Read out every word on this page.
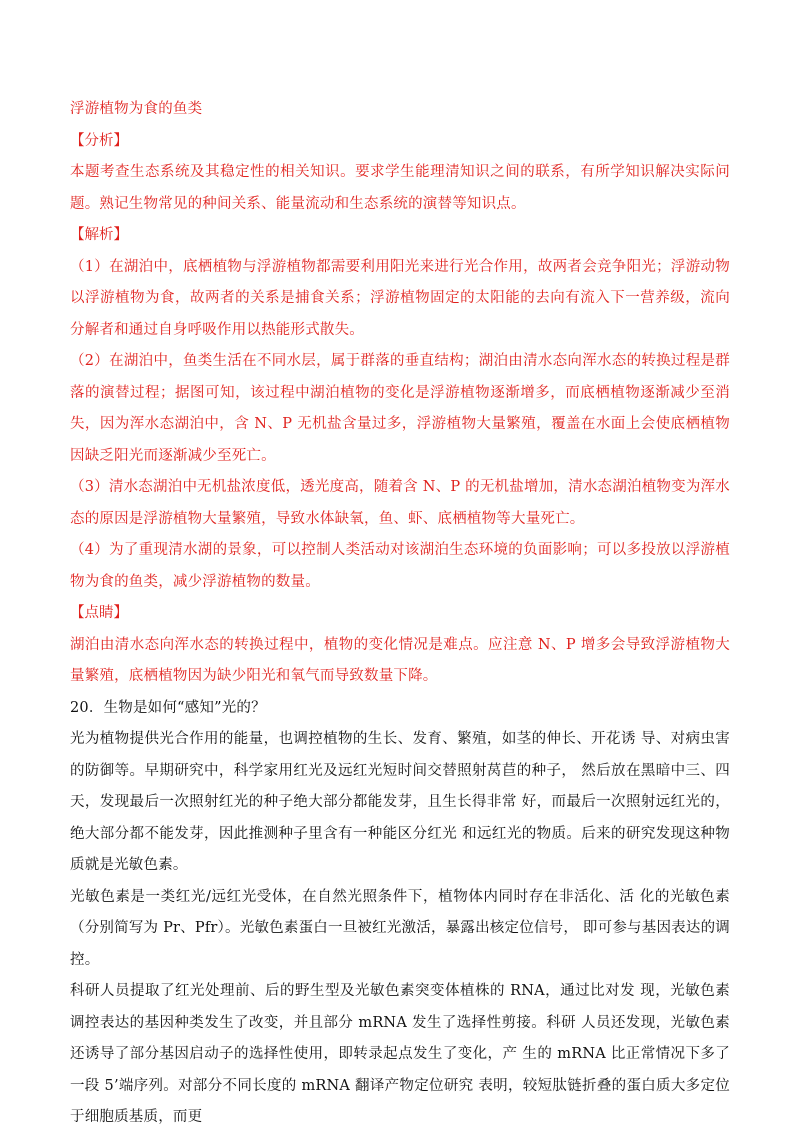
浮游植物为食的鱼类

【分析】

本题考查生态系统及其稳定性的相关知识。要求学生能理清知识之间的联系，有所学知识解决实际问题。熟记生物常见的种间关系、能量流动和生态系统的演替等知识点。

【解析】

（1）在湖泊中，底栖植物与浮游植物都需要利用阳光来进行光合作用，故两者会竞争阳光；浮游动物以浮游植物为食，故两者的关系是捕食关系；浮游植物固定的太阳能的去向有流入下一营养级，流向分解者和通过自身呼吸作用以热能形式散失。

（2）在湖泊中，鱼类生活在不同水层，属于群落的垂直结构；湖泊由清水态向浑水态的转换过程是群落的演替过程；据图可知，该过程中湖泊植物的变化是浮游植物逐渐增多，而底栖植物逐渐减少至消失，因为浑水态湖泊中，含 N、P 无机盐含量过多，浮游植物大量繁殖，覆盖在水面上会使底栖植物因缺乏阳光而逐渐减少至死亡。

（3）清水态湖泊中无机盐浓度低，透光度高，随着含 N、P 的无机盐增加，清水态湖泊植物变为浑水态的原因是浮游植物大量繁殖，导致水体缺氧，鱼、虾、底栖植物等大量死亡。

（4）为了重现清水湖的景象，可以控制人类活动对该湖泊生态环境的负面影响；可以多投放以浮游植物为食的鱼类，减少浮游植物的数量。

【点睛】

湖泊由清水态向浑水态的转换过程中，植物的变化情况是难点。应注意 N、P 增多会导致浮游植物大量繁殖，底栖植物因为缺少阳光和氧气而导致数量下降。

20．生物是如何“感知”光的？

光为植物提供光合作用的能量，也调控植物的生长、发育、繁殖，如茎的伸长、开花诱 导、对病虫害的防御等。早期研究中，科学家用红光及远红光短时间交替照射莴苣的种子， 然后放在黑暗中三、四天，发现最后一次照射红光的种子绝大部分都能发芽，且生长得非常 好，而最后一次照射远红光的，绝大部分都不能发芽，因此推测种子里含有一种能区分红光 和远红光的物质。后来的研究发现这种物质就是光敏色素。

光敏色素是一类红光/远红光受体，在自然光照条件下，植物体内同时存在非活化、活 化的光敏色素（分别简写为 Pr、Pfr）。光敏色素蛋白一旦被红光激活，暴露出核定位信号， 即可参与基因表达的调控。

科研人员提取了红光处理前、后的野生型及光敏色素突变体植株的 RNA，通过比对发 现，光敏色素调控表达的基因种类发生了改变，并且部分 mRNA 发生了选择性剪接。科研 人员还发现，光敏色素还诱导了部分基因启动子的选择性使用，即转录起点发生了变化，产 生的 mRNA 比正常情况下多了一段 5’端序列。对部分不同长度的 mRNA 翻译产物定位研究 表明，较短肽链折叠的蛋白质大多定位于细胞质基质，而更
